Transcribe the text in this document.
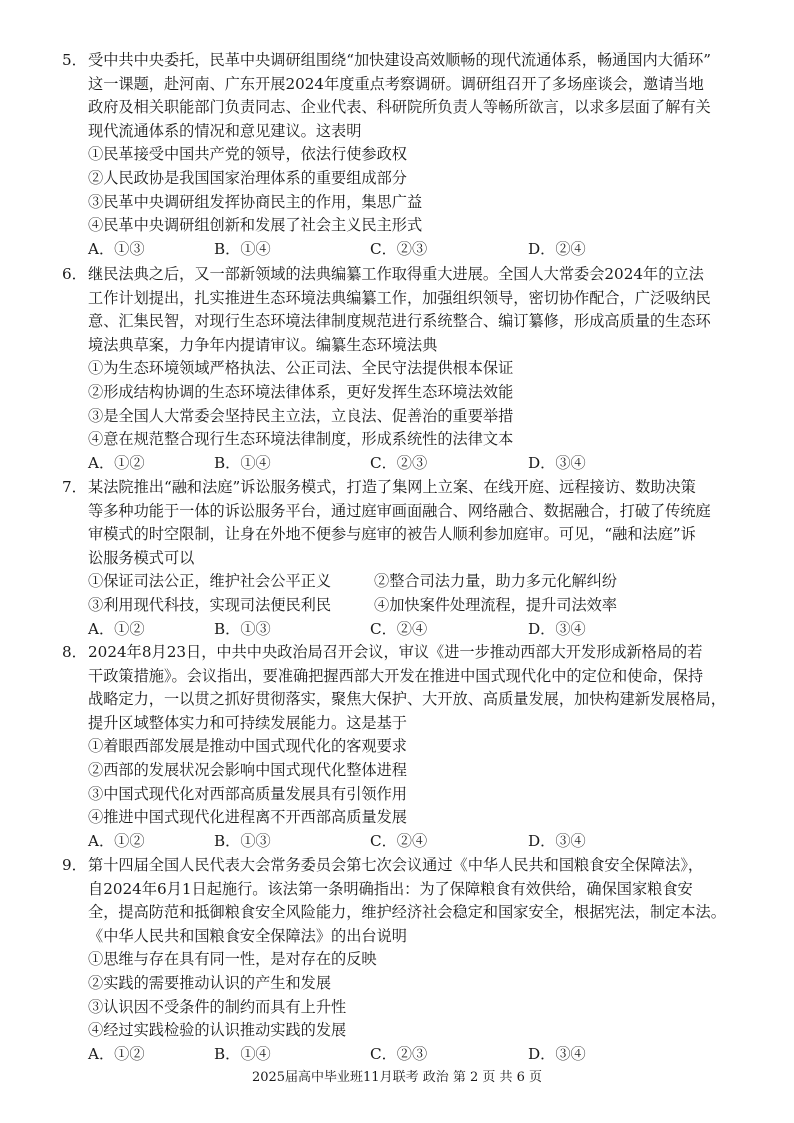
5． 受中共中央委托，民革中央调研组围绕“加快建设高效顺畅的现代流通体系，畅通国内大循环”
这一课题，赴河南、广东开展2024年度重点考察调研。调研组召开了多场座谈会，邀请当地
政府及相关职能部门负责同志、企业代表、科研院所负责人等畅所欲言，以求多层面了解有关
现代流通体系的情况和意见建议。这表明
①民革接受中国共产党的领导，依法行使参政权
②人民政协是我国国家治理体系的重要组成部分
③民革中央调研组发挥协商民主的作用，集思广益
④民革中央调研组创新和发展了社会主义民主形式
A．①③	B．①④	C．②③	D．②④
6． 继民法典之后，又一部新领域的法典编纂工作取得重大进展。全国人大常委会2024年的立法
工作计划提出，扎实推进生态环境法典编纂工作，加强组织领导，密切协作配合，广泛吸纳民
意、汇集民智，对现行生态环境法律制度规范进行系统整合、编订纂修，形成高质量的生态环
境法典草案，力争年内提请审议。编纂生态环境法典
①为生态环境领域严格执法、公正司法、全民守法提供根本保证
②形成结构协调的生态环境法律体系，更好发挥生态环境法效能
③是全国人大常委会坚持民主立法，立良法、促善治的重要举措
④意在规范整合现行生态环境法律制度，形成系统性的法律文本
A．①②	B．①④	C．②③	D．③④
7． 某法院推出“融和法庭”诉讼服务模式，打造了集网上立案、在线开庭、远程接访、数助决策
等多种功能于一体的诉讼服务平台，通过庭审画面融合、网络融合、数据融合，打破了传统庭
审模式的时空限制，让身在外地不便参与庭审的被告人顺利参加庭审。可见，“融和法庭”诉
讼服务模式可以
①保证司法公正，维护社会公平正义	②整合司法力量，助力多元化解纠纷
③利用现代科技，实现司法便民利民	④加快案件处理流程，提升司法效率
A．①②	B．①③	C．②④	D．③④
8． 2024年8月23日，中共中央政治局召开会议，审议《进一步推动西部大开发形成新格局的若
干政策措施》。会议指出，要准确把握西部大开发在推进中国式现代化中的定位和使命，保持
战略定力，一以贯之抓好贯彻落实，聚焦大保护、大开放、高质量发展，加快构建新发展格局，
提升区域整体实力和可持续发展能力。这是基于
①着眼西部发展是推动中国式现代化的客观要求
②西部的发展状况会影响中国式现代化整体进程
③中国式现代化对西部高质量发展具有引领作用
④推进中国式现代化进程离不开西部高质量发展
A．①②	B．①③	C．②④	D．③④
9． 第十四届全国人民代表大会常务委员会第七次会议通过《中华人民共和国粮食安全保障法》，
自2024年6月1日起施行。该法第一条明确指出：为了保障粮食有效供给，确保国家粮食安
全，提高防范和抵御粮食安全风险能力，维护经济社会稳定和国家安全，根据宪法，制定本法。
《中华人民共和国粮食安全保障法》的出台说明
①思维与存在具有同一性，是对存在的反映
②实践的需要推动认识的产生和发展
③认识因不受条件的制约而具有上升性
④经过实践检验的认识推动实践的发展
A．①②	B．①④	C．②③	D．③④
2025届高中毕业班11月联考 政治 第 2 页 共 6 页
